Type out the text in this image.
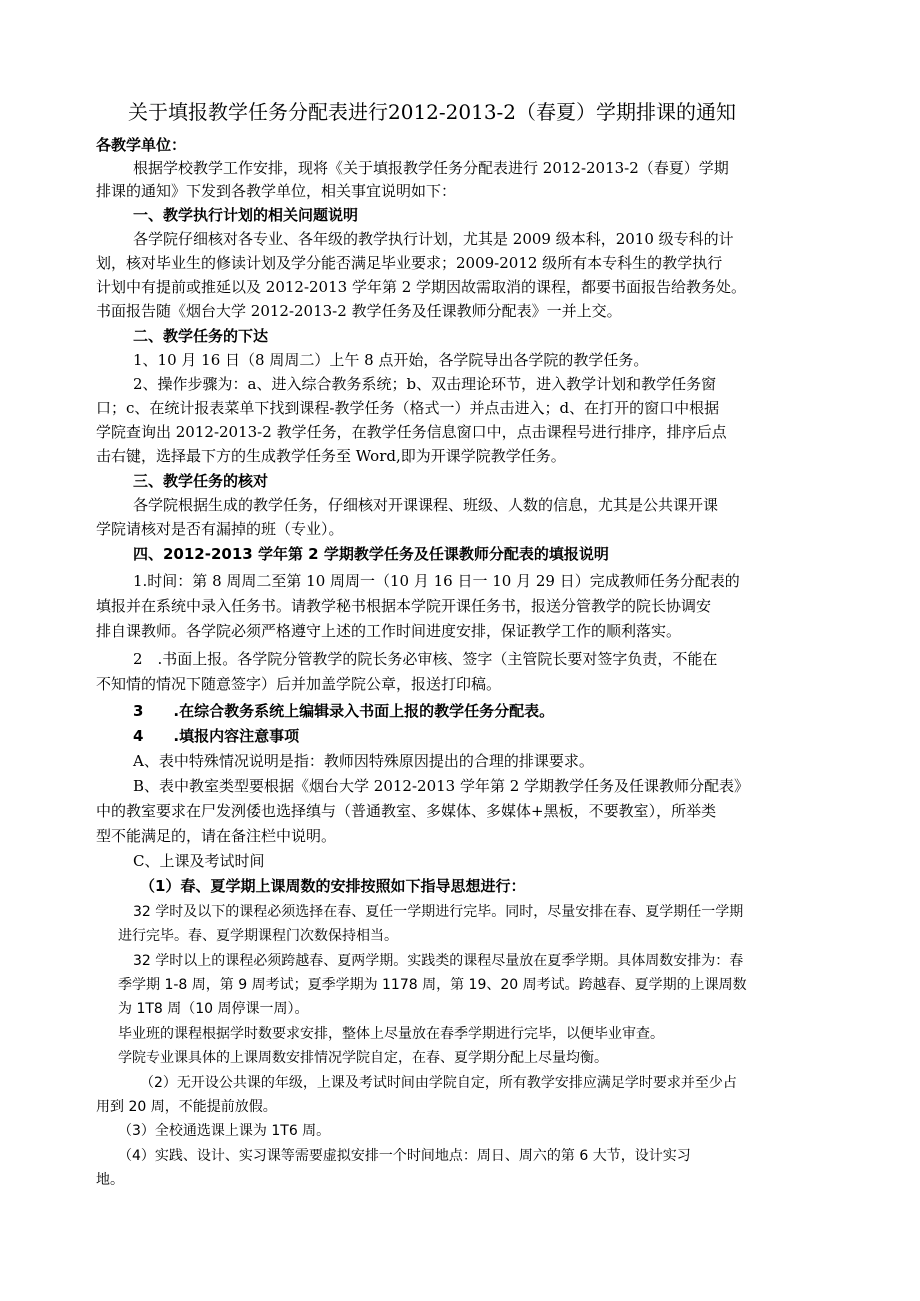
关于填报教学任务分配表进行2012-2013-2（春夏）学期排课的通知

各教学单位：

根据学校教学工作安排，现将《关于填报教学任务分配表进行 2012-2013-2（春夏）学期

排课的通知》下发到各教学单位，相关事宜说明如下：

一、教学执行计划的相关问题说明

各学院仔细核对各专业、各年级的教学执行计划，尤其是 2009 级本科，2010 级专科的计

划，核对毕业生的修读计划及学分能否满足毕业要求；2009-2012 级所有本专科生的教学执行

计划中有提前或推延以及 2012-2013 学年第 2 学期因故需取消的课程，都要书面报告给教务处。

书面报告随《烟台大学 2012-2013-2 教学任务及任课教师分配表》一并上交。

二、教学任务的下达

1、10 月 16 日（8 周周二）上午 8 点开始，各学院导出各学院的教学任务。

2、操作步骤为：a、进入综合教务系统；b、双击理论环节，进入教学计划和教学任务窗

口；c、在统计报表菜单下找到课程-教学任务（格式一）并点击进入；d、在打开的窗口中根据

学院查询出 2012-2013-2 教学任务，在教学任务信息窗口中，点击课程号进行排序，排序后点

击右键，选择最下方的生成教学任务至 Word,即为开课学院教学任务。

三、教学任务的核对

各学院根据生成的教学任务，仔细核对开课课程、班级、人数的信息，尤其是公共课开课

学院请核对是否有漏掉的班（专业）。

四、2012-2013 学年第 2 学期教学任务及任课教师分配表的填报说明

1.时间：第 8 周周二至第 10 周周一（10 月 16 日一 10 月 29 日）完成教师任务分配表的

填报并在系统中录入任务书。请教学秘书根据本学院开课任务书，报送分管教学的院长协调安

排自课教师。各学院必须严格遵守上述的工作时间进度安排，保证教学工作的顺利落实。

2　.书面上报。各学院分管教学的院长务必审核、签字（主管院长要对签字负责，不能在

不知情的情况下随意签字）后并加盖学院公章，报送打印稿。

3　　.在综合教务系统上编辑录入书面上报的教学任务分配表。

4　　.填报内容注意事项

A、表中特殊情况说明是指：教师因特殊原因提出的合理的排课要求。

B、表中教室类型要根据《烟台大学 2012-2013 学年第 2 学期教学任务及任课教师分配表》

中的教室要求在尸发洌倭也选择缜与（普通教室、多媒体、多媒体+黑板，不要教室），所举类

型不能满足的，请在备注栏中说明。

C、上课及考试时间

（1）春、夏学期上课周数的安排按照如下指导思想进行：

32 学时及以下的课程必须选择在春、夏任一学期进行完毕。同时，尽量安排在春、夏学期任一学期

进行完毕。春、夏学期课程门次数保持相当。

32 学时以上的课程必须跨越春、夏两学期。实践类的课程尽量放在夏季学期。具体周数安排为：春

季学期 1-8 周，第 9 周考试；夏季学期为 1178 周，第 19、20 周考试。跨越春、夏学期的上课周数

为 1T8 周（10 周停课一周）。

毕业班的课程根据学时数要求安排，整体上尽量放在春季学期进行完毕，以便毕业审查。

学院专业课具体的上课周数安排情况学院自定，在春、夏学期分配上尽量均衡。

（2）无开设公共课的年级，上课及考试时间由学院自定，所有教学安排应满足学时要求并至少占

用到 20 周，不能提前放假。

（3）全校通选课上课为 1T6 周。

（4）实践、设计、实习课等需要虚拟安排一个时间地点：周日、周六的第 6 大节，设计实习

地。
